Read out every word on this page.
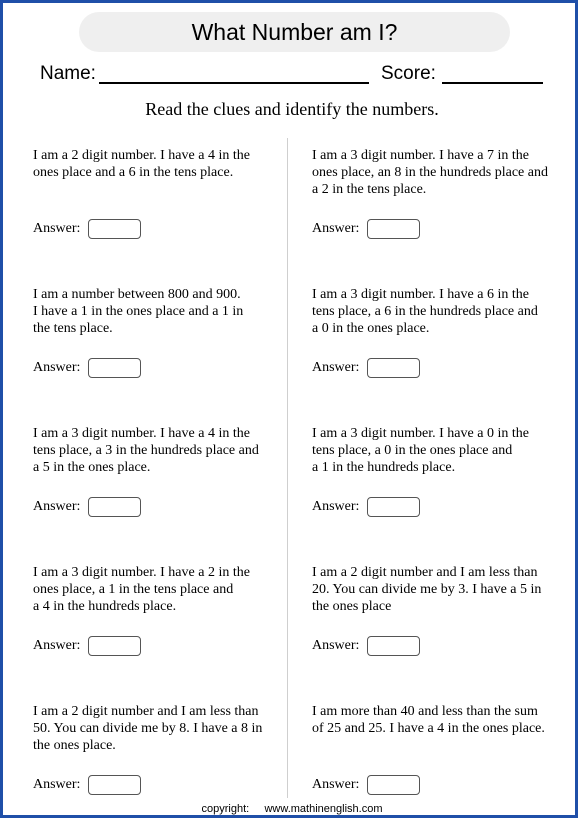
What Number am I?
Name:	Score:
Read the clues and identify the numbers.

I am a 2 digit number. I have a 4 in the
ones place and a 6 in the tens place.

Answer:

I am a number between 800 and 900.
I have a 1 in the ones place and a 1 in
the tens place.

Answer:

I am a 3 digit number. I have a 4 in the
tens place, a 3 in the hundreds place and
a 5 in the ones place.

Answer:

I am a 3 digit number. I have a 2 in the
ones place, a 1 in the tens place and
a 4 in the hundreds place.

Answer:

I am a 2 digit number and I am less than
50. You can divide me by 8. I have a 8 in
the ones place.

Answer:

I am a 3 digit number. I have a 7 in the
ones place, an 8 in the hundreds place and
a 2 in the tens place.

Answer:

I am a 3 digit number. I have a 6 in the
tens place, a 6 in the hundreds place and
a 0 in the ones place.

Answer:

I am a 3 digit number. I have a 0 in the
tens place, a 0 in the ones place and
a 1 in the hundreds place.

Answer:

I am a 2 digit number and I am less than
20. You can divide me by 3. I have a 5 in
the ones place

Answer:

I am more than 40 and less than the sum
of 25 and 25. I have a 4 in the ones place.

Answer:
copyright: www.mathinenglish.com
